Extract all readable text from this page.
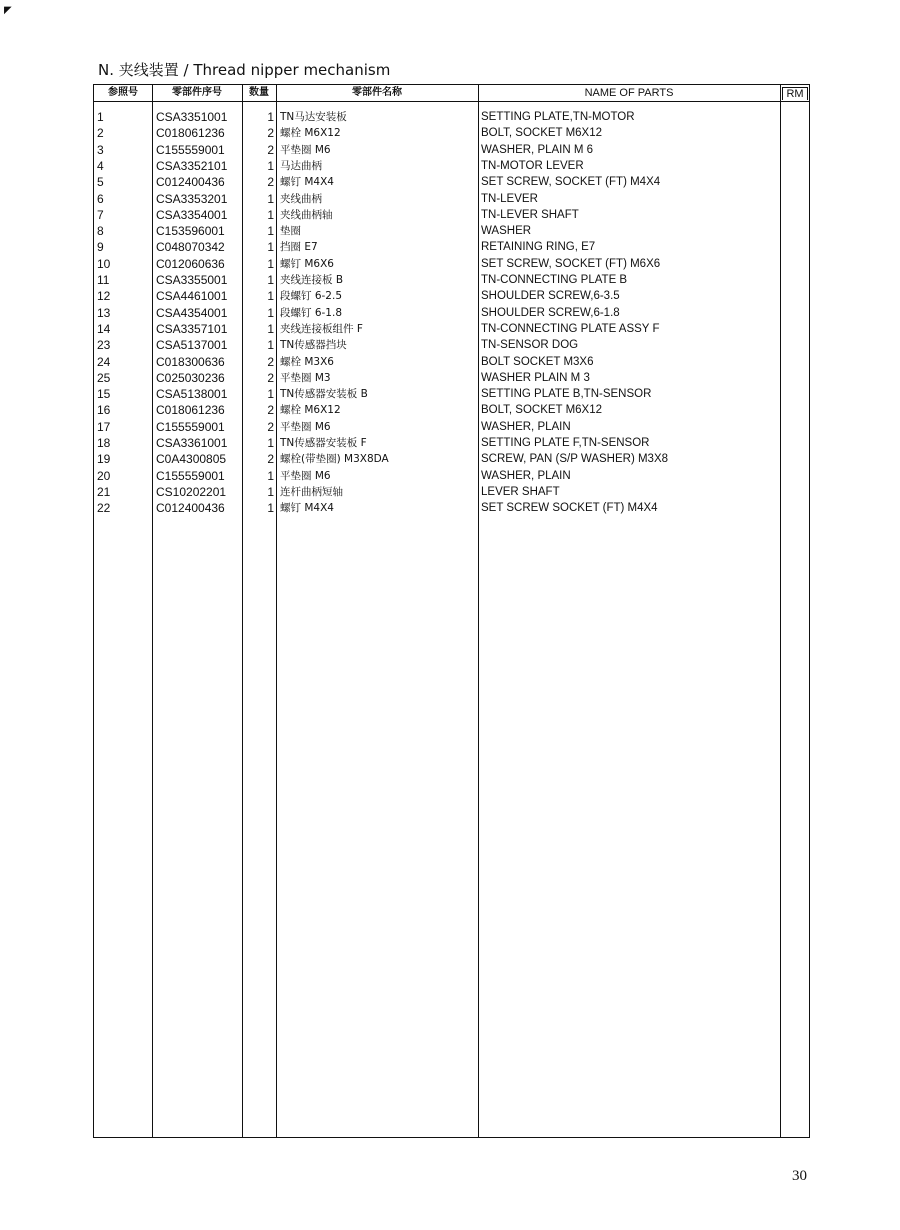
◤
N. 夹线装置 / Thread nipper mechanism
参照号	零部件序号	数量	零部件名称	NAME OF PARTS	RM
1	CSA3351001	1 TN马达安装板	SETTING PLATE,TN-MOTOR
2	C018061236	2 螺栓 M6X12	BOLT, SOCKET M6X12
3	C155559001	2 平垫圈 M6	WASHER, PLAIN M 6
4	CSA3352101	1 马达曲柄	TN-MOTOR LEVER
5	C012400436	2 螺钉 M4X4	SET SCREW, SOCKET (FT) M4X4
6	CSA3353201	1 夹线曲柄	TN-LEVER
7	CSA3354001	1 夹线曲柄轴	TN-LEVER SHAFT
8	C153596001	1 垫圈	WASHER
9	C048070342	1 挡圈 E7	RETAINING RING, E7
10	C012060636	1 螺钉 M6X6	SET SCREW, SOCKET (FT) M6X6
11	CSA3355001	1 夹线连接板 B	TN-CONNECTING PLATE B
12	CSA4461001	1 段螺钉 6-2.5	SHOULDER SCREW,6-3.5
13	CSA4354001	1 段螺钉 6-1.8	SHOULDER SCREW,6-1.8
14	CSA3357101	1 夹线连接板组件 F	TN-CONNECTING PLATE ASSY F
23	CSA5137001	1 TN传感器挡块	TN-SENSOR DOG
24	C018300636	2 螺栓 M3X6	BOLT SOCKET M3X6
25	C025030236	2 平垫圈 M3	WASHER PLAIN M 3
15	CSA5138001	1 TN传感器安装板 B	SETTING PLATE B,TN-SENSOR
16	C018061236	2 螺栓 M6X12	BOLT, SOCKET M6X12
17	C155559001	2 平垫圈 M6	WASHER, PLAIN
18	CSA3361001	1 TN传感器安装板 F	SETTING PLATE F,TN-SENSOR
19	C0A4300805	2 螺栓(带垫圈) M3X8DA	SCREW, PAN (S/P WASHER) M3X8
20	C155559001	1 平垫圈 M6	WASHER, PLAIN
21	CS10202201	1 连杆曲柄短轴	LEVER SHAFT
22	C012400436	1 螺钉 M4X4	SET SCREW SOCKET (FT) M4X4
30
